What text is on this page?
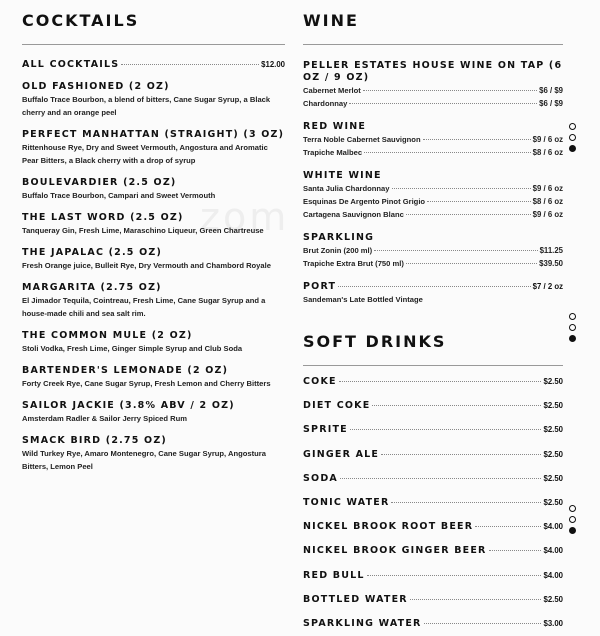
zom
COCKTAILS
ALL COCKTAILS	$12.00
OLD FASHIONED (2 OZ)
Buffalo Trace Bourbon, a blend of bitters, Cane Sugar Syrup, a Black cherry and an orange peel
PERFECT MANHATTAN (STRAIGHT) (3 OZ)
Rittenhouse Rye, Dry and Sweet Vermouth, Angostura and Aromatic Pear Bitters, a Black cherry with a drop of syrup
BOULEVARDIER (2.5 OZ)
Buffalo Trace Bourbon, Campari and Sweet Vermouth
THE LAST WORD (2.5 OZ)
Tanqueray Gin, Fresh Lime, Maraschino Liqueur, Green Chartreuse
THE JAPALAC (2.5 OZ)
Fresh Orange juice, Bulleit Rye, Dry Vermouth and Chambord Royale
MARGARITA (2.75 OZ)
El Jimador Tequila, Cointreau, Fresh Lime, Cane Sugar Syrup and a house-made chili and sea salt rim.
THE COMMON MULE (2 OZ)
Stoli Vodka, Fresh Lime, Ginger Simple Syrup and Club Soda
BARTENDER'S LEMONADE (2 OZ)
Forty Creek Rye, Cane Sugar Syrup, Fresh Lemon and Cherry Bitters
SAILOR JACKIE (3.8% ABV / 2 OZ)
Amsterdam Radler & Sailor Jerry Spiced Rum
SMACK BIRD (2.75 OZ)
Wild Turkey Rye, Amaro Montenegro, Cane Sugar Syrup, Angostura Bitters, Lemon Peel
WINE
PELLER ESTATES HOUSE WINE ON TAP (6 OZ / 9 OZ)
Cabernet Merlot	$6 / $9
Chardonnay	$6 / $9
RED WINE
Terra Noble Cabernet Sauvignon	$9 / 6 oz
Trapiche Malbec	$8 / 6 oz
WHITE WINE
Santa Julia Chardonnay	$9 / 6 oz
Esquinas De Argento Pinot Grigio	$8 / 6 oz
Cartagena Sauvignon Blanc	$9 / 6 oz
SPARKLING
Brut Zonin (200 ml)	$11.25
Trapiche Extra Brut (750 ml)	$39.50
PORT	$7 / 2 oz
Sandeman's Late Bottled Vintage
SOFT DRINKS
COKE	$2.50
DIET COKE	$2.50
SPRITE	$2.50
GINGER ALE	$2.50
SODA	$2.50
TONIC WATER	$2.50
NICKEL BROOK ROOT BEER	$4.00
NICKEL BROOK GINGER BEER	$4.00
RED BULL	$4.00
BOTTLED WATER	$2.50
SPARKLING WATER	$3.00
